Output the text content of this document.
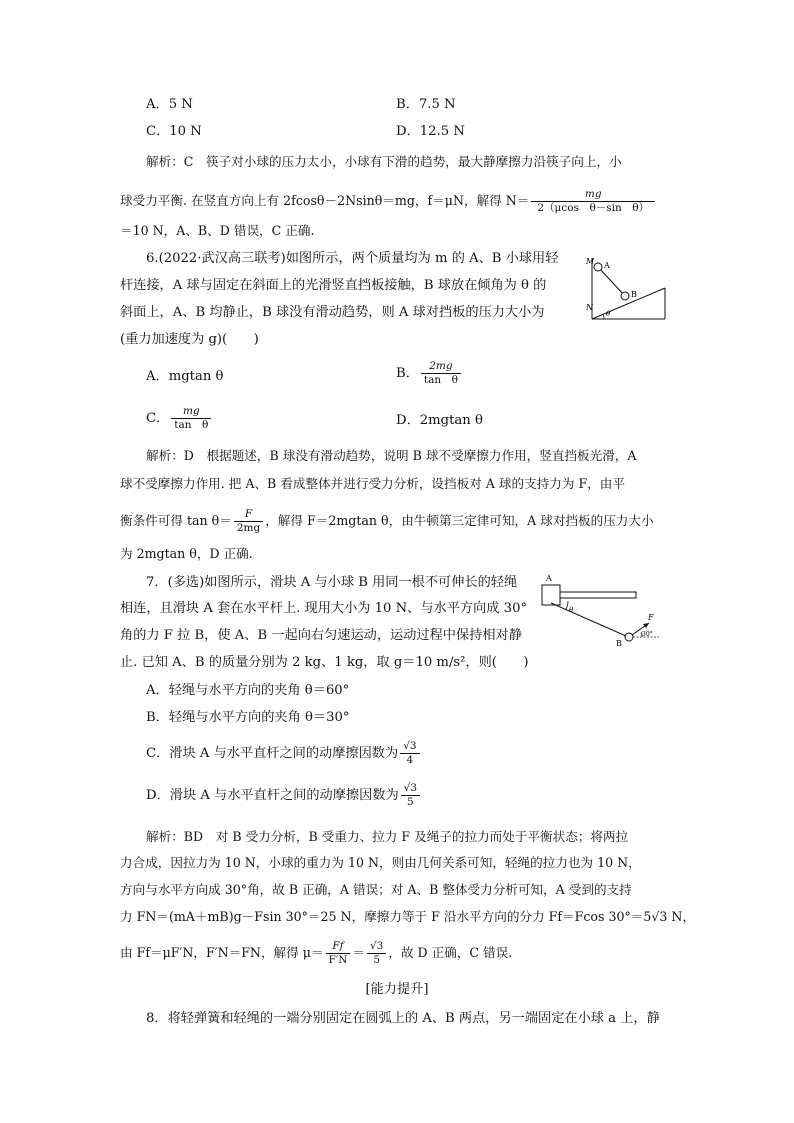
A．5 N	B．7.5 N
C．10 N	D．12.5 N
解析：C　筷子对小球的压力太小，小球有下滑的趋势，最大静摩擦力沿筷子向上，小
球受力平衡. 在竖直方向上有 2fcosθ－2Nsinθ＝mg，f＝μN，解得 $N= \frac{mg}{\text{2（μcos　θ－sin　θ）}}$
＝10 N，A、B、D 错误，C 正确.
6.(2022·武汉高三联考)如图所示，两个质量均为 m 的 A、B 小球用轻
杆连接，A 球与固定在斜面上的光滑竖直挡板接触，B 球放在倾角为 θ 的
斜面上，A、B 均静止，B 球没有滑动趋势，则 A 球对挡板的压力大小为
(重力加速度为 g)(　　)
M A
B
N
θ
A．mgtan θ	B． $\frac{2mg}{\text{tan　θ}}$
C． $\frac{mg}{\text{tan　θ}}$	D．2mgtan θ
解析：D　根据题述，B 球没有滑动趋势，说明 B 球不受摩擦力作用，竖直挡板光滑，A
球不受摩擦力作用. 把 A、B 看成整体并进行受力分析，设挡板对 A 球的支持力为 F，由平
衡条件可得 $\tan \theta= \frac{F}{2mg}$ ，解得 F＝2mgtan θ，由牛顿第三定律可知，A 球对挡板的压力大小
为 2mgtan θ，D 正确.
7．(多选)如图所示，滑块 A 与小球 B 用同一根不可伸长的轻绳
相连，且滑块 A 套在水平杆上. 现用大小为 10 N、与水平方向成 30°
角的力 F 拉 B，使 A、B 一起向右匀速运动，运动过程中保持相对静
止. 已知 A、B 的质量分别为 2 kg、1 kg，取 g＝10 m/s²，则(　　)
A
B
F
θ
30°
A．轻绳与水平方向的夹角 θ＝60°
B．轻绳与水平方向的夹角 θ＝30°
C．滑块 A 与水平直杆之间的动摩擦因数为 $\frac{√3}{4}$
D．滑块 A 与水平直杆之间的动摩擦因数为 $\frac{√3}{5}$
解析：BD　对 B 受力分析，B 受重力、拉力 F 及绳子的拉力而处于平衡状态；将两拉
力合成，因拉力为 10 N，小球的重力为 10 N，则由几何关系可知，轻绳的拉力也为 10 N，
方向与水平方向成 30°角，故 B 正确，A 错误；对 A、B 整体受力分析可知，A 受到的支持
力 FN＝(mA＋mB)g－Fsin 30°＝25 N，摩擦力等于 F 沿水平方向的分力 Ff＝Fcos 30°＝5√3 N，
由 Ff＝μF′N，F′N＝FN，解得 $\mu= \frac{Ff}{F'N} = \frac{√3}{5}$ ，故 D 正确，C 错误.
[能力提升]
8．将轻弹簧和轻绳的一端分别固定在圆弧上的 A、B 两点，另一端固定在小球 a 上，静
